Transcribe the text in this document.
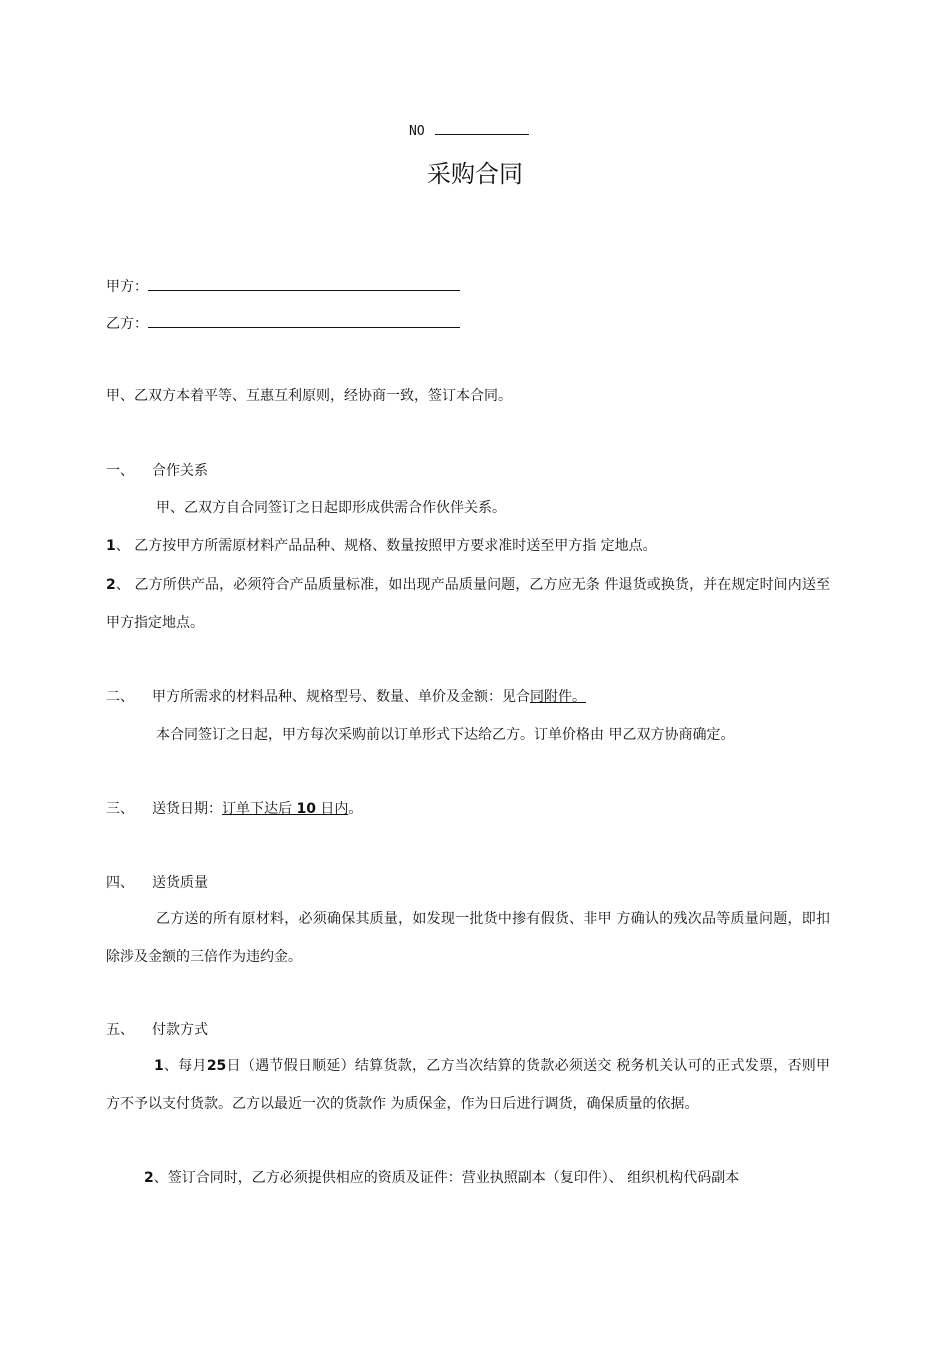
NO
采购合同
甲方：
乙方：
甲、乙双方本着平等、互惠互利原则，经协商一致，签订本合同。
一、 合作关系
甲、乙双方自合同签订之日起即形成供需合作伙伴关系。
1、 乙方按甲方所需原材料产品品种、规格、数量按照甲方要求准时送至甲方指 定地点。
2、 乙方所供产品，必须符合产品质量标准，如出现产品质量问题，乙方应无条 件退货或换货，并在规定时间内送至甲方指定地点。
二、 甲方所需求的材料品种、规格型号、数量、单价及金额：见合同附件。
本合同签订之日起，甲方每次采购前以订单形式下达给乙方。订单价格由 甲乙双方协商确定。
三、 送货日期：订单下达后 10 日内。
四、 送货质量
乙方送的所有原材料，必须确保其质量，如发现一批货中掺有假货、非甲 方确认的残次品等质量问题，即扣除涉及金额的三倍作为违约金。
五、 付款方式
1、每月25日（遇节假日顺延）结算货款，乙方当次结算的货款必须送交 税务机关认可的正式发票，否则甲方不予以支付货款。乙方以最近一次的货款作 为质保金，作为日后进行调货，确保质量的依据。
2、签订合同时，乙方必须提供相应的资质及证件：营业执照副本（复印件）、 组织机构代码副本
